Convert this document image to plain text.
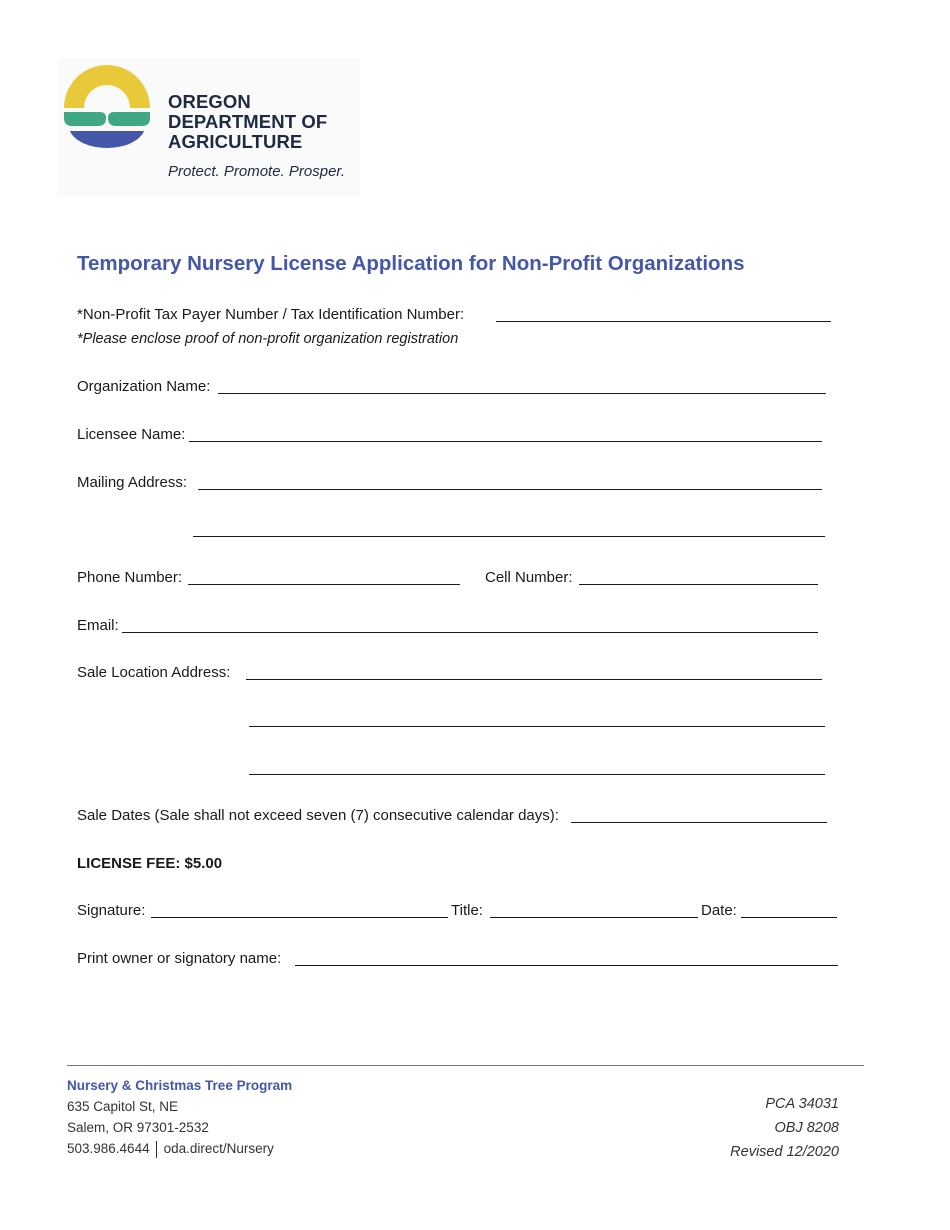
OREGON
DEPARTMENT OF
AGRICULTURE
Protect. Promote. Prosper.
Temporary Nursery License Application for Non-Profit Organizations
*Non-Profit Tax Payer Number / Tax Identification Number:
*Please enclose proof of non-profit organization registration
Organization Name:
Licensee Name:
Mailing Address:
Phone Number:	Cell Number:
Email:
Sale Location Address:
Sale Dates (Sale shall not exceed seven (7) consecutive calendar days):
LICENSE FEE: $5.00
Signature:	Title:	Date:
Print owner or signatory name:
Nursery & Christmas Tree Program
635 Capitol St, NE
Salem, OR 97301-2532
503.986.4644 oda.direct/Nursery
PCA 34031
OBJ 8208
Revised 12/2020
